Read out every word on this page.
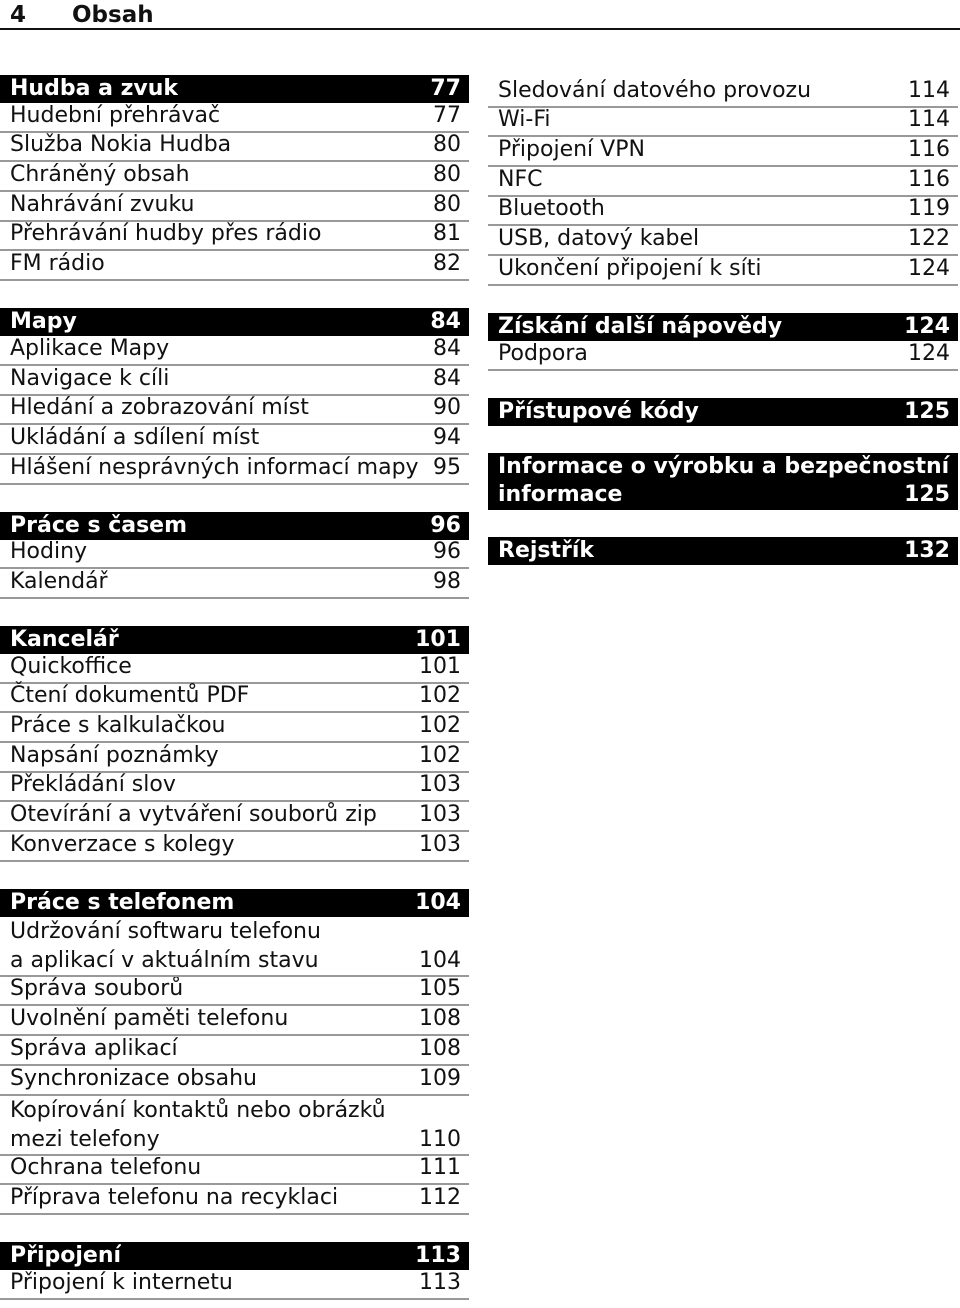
4 Obsah
Hudba a zvuk	77
Hudební přehrávač	77
Služba Nokia Hudba	80
Chráněný obsah	80
Nahrávání zvuku	80
Přehrávání hudby přes rádio	81
FM rádio	82
Mapy	84
Aplikace Mapy	84
Navigace k cíli	84
Hledání a zobrazování míst	90
Ukládání a sdílení míst	94
Hlášení nesprávných informací mapy 95
Práce s časem	96
Hodiny	96
Kalendář	98
Kancelář	101
Quickoffice	101
Čtení dokumentů PDF	102
Práce s kalkulačkou	102
Napsání poznámky	102
Překládání slov	103
Otevírání a vytváření souborů zip 103
Konverzace s kolegy	103
Práce s telefonem	104
Udržování softwaru telefonu
a aplikací v aktuálním stavu	104
Správa souborů	105
Uvolnění paměti telefonu	108
Správa aplikací	108
Synchronizace obsahu	109
Kopírování kontaktů nebo obrázků
mezi telefony	110
Ochrana telefonu	111
Příprava telefonu na recyklaci	112
Připojení	113
Připojení k internetu	113
Sledování datového provozu	114
Wi-Fi	114
Připojení VPN	116
NFC	116
Bluetooth	119
USB, datový kabel	122
Ukončení připojení k síti	124
Získání další nápovědy	124
Podpora	124
Přístupové kódy	125
Informace o výrobku a bezpečnostní
informace	125
Rejstřík	132
